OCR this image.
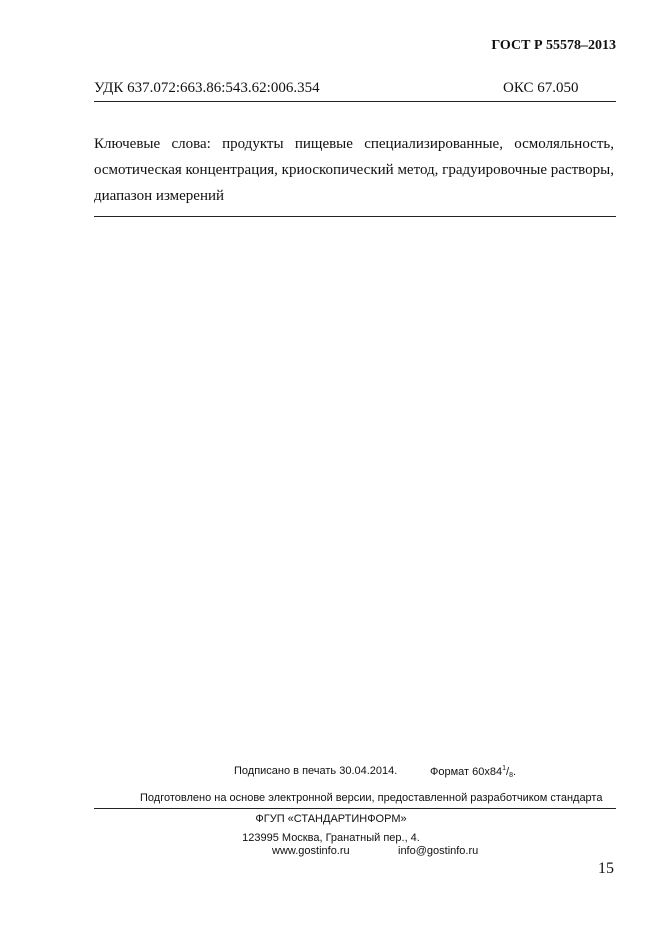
ГОСТ Р 55578–2013
УДК 637.072:663.86:543.62:006.354	ОКС 67.050
Ключевые слова: продукты пищевые специализированные, осмоляльность, осмотическая концентрация, криоскопический метод, градуировочные растворы, диапазон измерений
Подписано в печать 30.04.2014.	Формат $60x84^1/_8$.
Подготовлено на основе электронной версии, предоставленной разработчиком стандарта
ФГУП «СТАНДАРТИНФОРМ»
123995 Москва, Гранатный пер., 4.
www.gostinfo.ru	info@gostinfo.ru
15
